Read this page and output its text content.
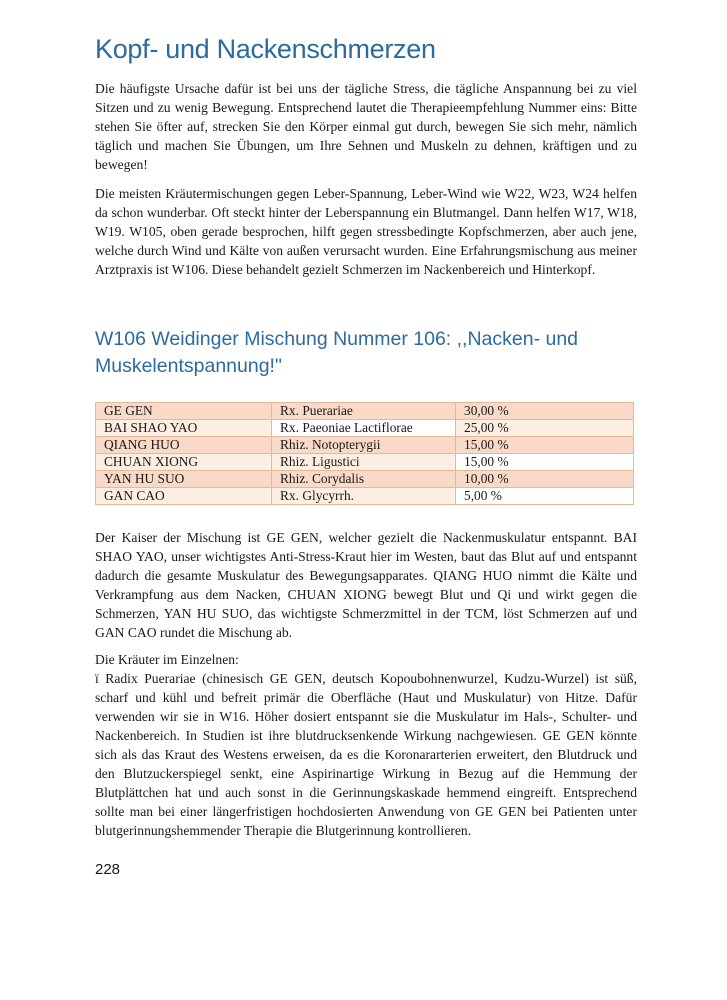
Kopf- und Nackenschmerzen

Die häufigste Ursache dafür ist bei uns der tägliche Stress, die tägliche Anspannung bei zu viel Sitzen und zu wenig Bewegung. Entsprechend lautet die Therapieempfehlung Nummer eins: Bitte stehen Sie öfter auf, strecken Sie den Körper einmal gut durch, bewegen Sie sich mehr, nämlich täglich und machen Sie Übungen, um Ihre Sehnen und Muskeln zu dehnen, kräftigen und zu bewegen!

Die meisten Kräutermischungen gegen Leber-Spannung, Leber-Wind wie W22, W23, W24 helfen da schon wunderbar. Oft steckt hinter der Leberspannung ein Blutmangel. Dann helfen W17, W18, W19. W105, oben gerade besprochen, hilft gegen stressbedingte Kopfschmerzen, aber auch jene, welche durch Wind und Kälte von außen verursacht wurden. Eine Erfahrungsmischung aus meiner Arztpraxis ist W106. Diese behandelt gezielt Schmerzen im Nackenbereich und Hinterkopf.

W106 Weidinger Mischung Nummer 106: ,,Nacken- und Muskelentspannung!"
GE GEN	Rx. Puerariae	30,00 %
BAI SHAO YAO	Rx. Paeoniae Lactiflorae	25,00 %
QIANG HUO	Rhiz. Notopterygii	15,00 %
CHUAN XIONG	Rhiz. Ligustici	15,00 %
YAN HU SUO	Rhiz. Corydalis	10,00 %
GAN CAO	Rx. Glycyrrh.	5,00 %

Der Kaiser der Mischung ist GE GEN, welcher gezielt die Nackenmuskulatur entspannt. BAI SHAO YAO, unser wichtigstes Anti-Stress-Kraut hier im Westen, baut das Blut auf und entspannt dadurch die gesamte Muskulatur des Bewegungsapparates. QIANG HUO nimmt die Kälte und Verkrampfung aus dem Nacken, CHUAN XIONG bewegt Blut und Qi und wirkt gegen die Schmerzen, YAN HU SUO, das wichtigste Schmerzmittel in der TCM, löst Schmerzen auf und GAN CAO rundet die Mischung ab.

Die Kräuter im Einzelnen:

ï Radix Puerariae (chinesisch GE GEN, deutsch Kopoubohnenwurzel, Kudzu-Wurzel) ist süß, scharf und kühl und befreit primär die Oberfläche (Haut und Muskulatur) von Hitze. Dafür verwenden wir sie in W16. Höher dosiert entspannt sie die Muskulatur im Hals-, Schulter- und Nackenbereich. In Studien ist ihre blutdrucksenkende Wirkung nachgewiesen. GE GEN könnte sich als das Kraut des Westens erweisen, da es die Koronararterien erweitert, den Blutdruck und den Blutzuckerspiegel senkt, eine Aspirinartige Wirkung in Bezug auf die Hemmung der Blutplättchen hat und auch sonst in die Gerinnungskaskade hemmend eingreift. Entsprechend sollte man bei einer längerfristigen hochdosierten Anwendung von GE GEN bei Patienten unter blutgerinnungshemmender Therapie die Blutgerinnung kontrollieren.

228
